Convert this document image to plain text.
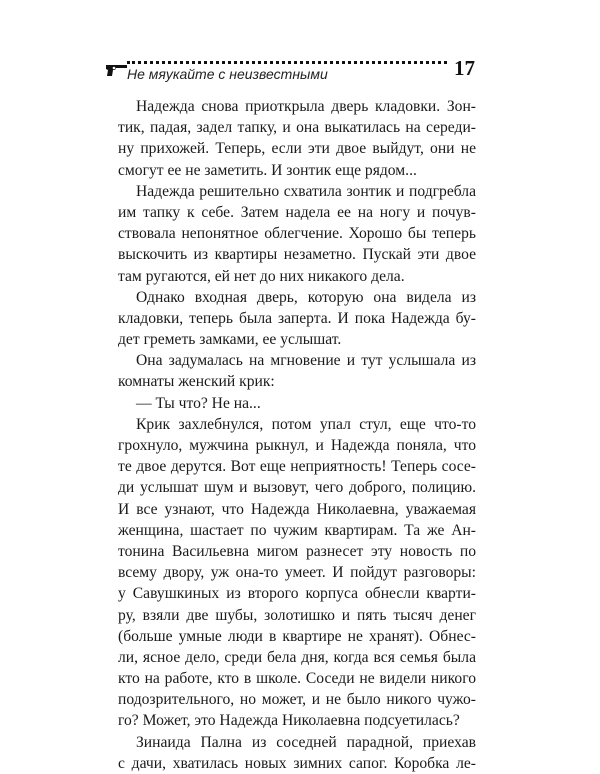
Не мяукайте с неизвестными	17
Надежда снова приоткрыла дверь кладовки. Зон-
тик, падая, задел тапку, и она выкатилась на середи-
ну прихожей. Теперь, если эти двое выйдут, они не
смогут ее не заметить. И зонтик еще рядом...
Надежда решительно схватила зонтик и подгребла
им тапку к себе. Затем надела ее на ногу и почув-
ствовала непонятное облегчение. Хорошо бы теперь
выскочить из квартиры незаметно. Пускай эти двое
там ругаются, ей нет до них никакого дела.
Однако входная дверь, которую она видела из
кладовки, теперь была заперта. И пока Надежда бу-
дет греметь замками, ее услышат.
Она задумалась на мгновение и тут услышала из
комнаты женский крик:
— Ты что? Не на...
Крик захлебнулся, потом упал стул, еще что-то
грохнуло, мужчина рыкнул, и Надежда поняла, что
те двое дерутся. Вот еще неприятность! Теперь сосе-
ди услышат шум и вызовут, чего доброго, полицию.
И все узнают, что Надежда Николаевна, уважаемая
женщина, шастает по чужим квартирам. Та же Ан-
тонина Васильевна мигом разнесет эту новость по
всему двору, уж она-то умеет. И пойдут разговоры:
у Савушкиных из второго корпуса обнесли кварти-
ру, взяли две шубы, золотишко и пять тысяч денег
(больше умные люди в квартире не хранят). Обнес-
ли, ясное дело, среди бела дня, когда вся семья была
кто на работе, кто в школе. Соседи не видели никого
подозрительного, но может, и не было никого чужо-
го? Может, это Надежда Николаевна подсуетилась?
Зинаида Пална из соседней парадной, приехав
с дачи, хватилась новых зимних сапог. Коробка ле-
